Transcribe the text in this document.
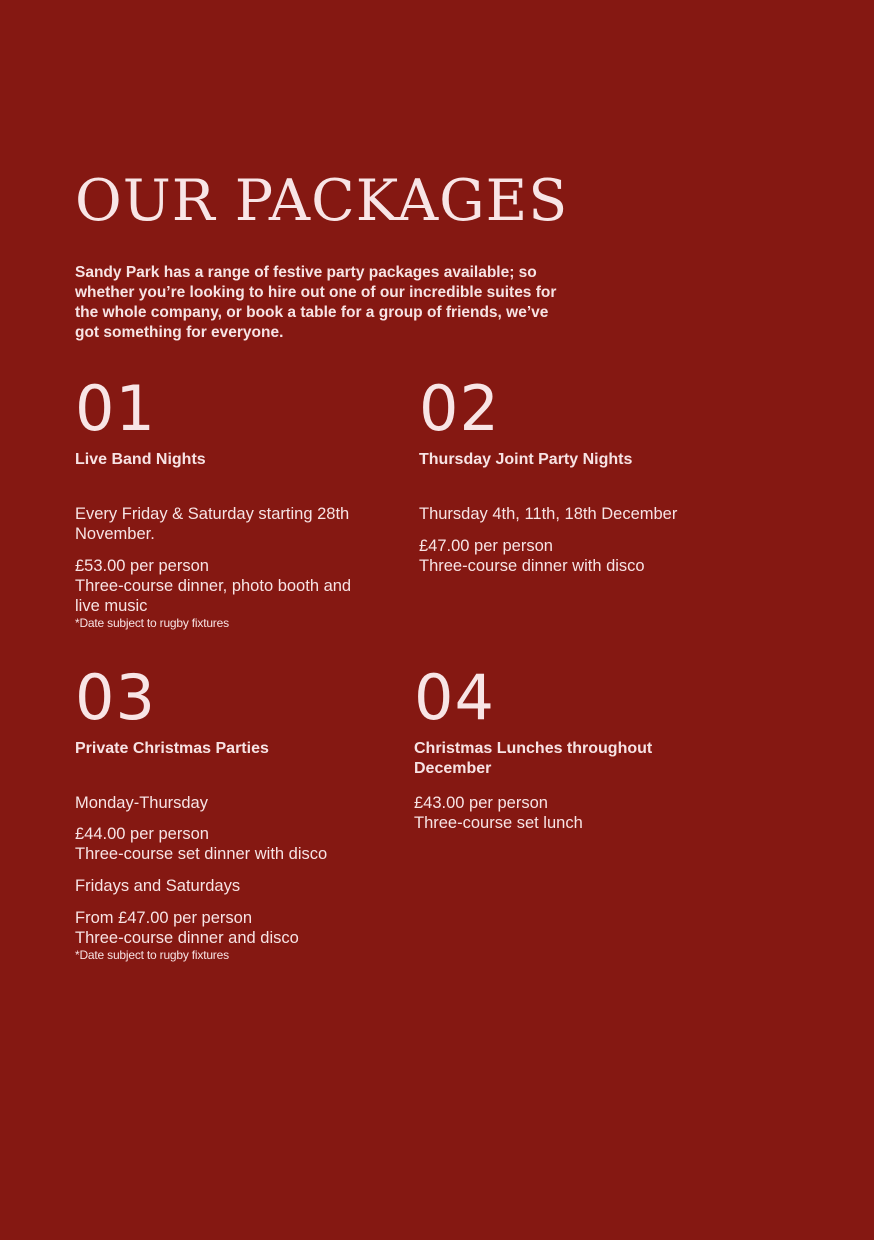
OUR PACKAGES

Sandy Park has a range of festive party packages available; so whether you’re looking to hire out one of our incredible suites for the whole company, or book a table for a group of friends, we’ve got something for everyone.

01
Live Band Nights
Every Friday & Saturday starting 28th November.
£53.00 per person
Three-course dinner, photo booth and live music
*Date subject to rugby fixtures
02
Thursday Joint Party Nights
Thursday 4th, 11th, 18th December
£47.00 per person
Three-course dinner with disco
03
Private Christmas Parties
Monday-Thursday
£44.00 per person
Three-course set dinner with disco
Fridays and Saturdays
From £47.00 per person
Three-course dinner and disco
*Date subject to rugby fixtures
04
Christmas Lunches throughout December
£43.00 per person
Three-course set lunch
